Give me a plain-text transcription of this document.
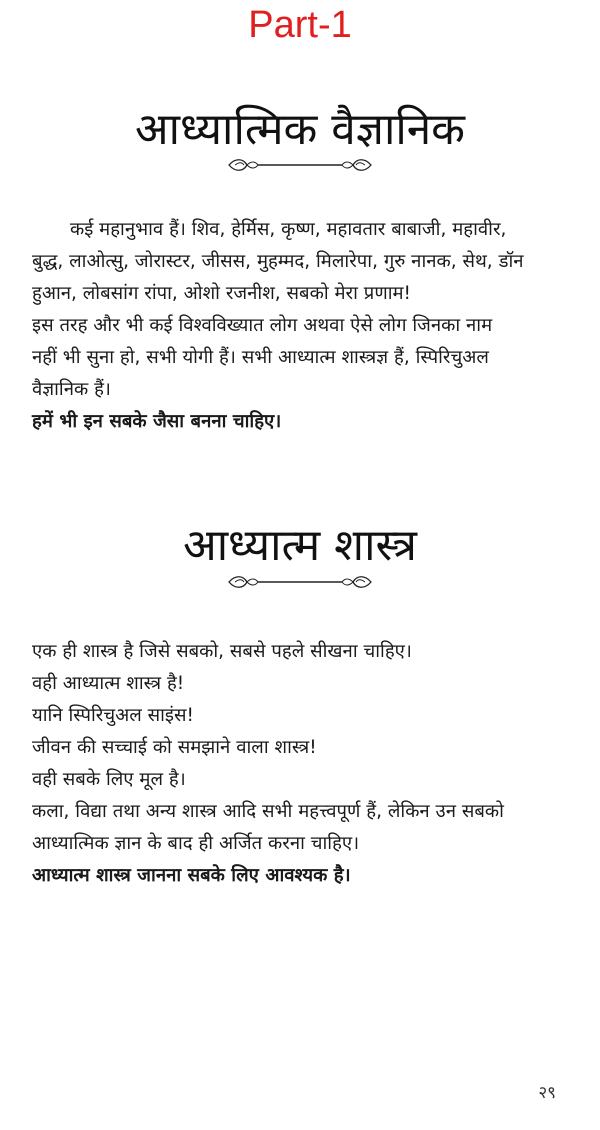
Part-1
आध्यात्मिक वैज्ञानिक
कई महानुभाव हैं। शिव, हेर्मिस, कृष्ण, महावतार बाबाजी, महावीर,
बुद्ध, लाओत्सु, जोरास्टर, जीसस, मुहम्मद, मिलारेपा, गुरु नानक, सेथ, डॉन
हुआन, लोबसांग रांपा, ओशो रजनीश, सबको मेरा प्रणाम!
इस तरह और भी कई विश्वविख्यात लोग अथवा ऐसे लोग जिनका नाम
नहीं भी सुना हो, सभी योगी हैं। सभी आध्यात्म शास्त्रज्ञ हैं, स्पिरिचुअल
वैज्ञानिक हैं।
हमें भी इन सबके जैसा बनना चाहिए।
आध्यात्म शास्त्र
एक ही शास्त्र है जिसे सबको, सबसे पहले सीखना चाहिए।
वही आध्यात्म शास्त्र है!
यानि स्पिरिचुअल साइंस!
जीवन की सच्चाई को समझाने वाला शास्त्र!
वही सबके लिए मूल है।
कला, विद्या तथा अन्य शास्त्र आदि सभी महत्त्वपूर्ण हैं, लेकिन उन सबको
आध्यात्मिक ज्ञान के बाद ही अर्जित करना चाहिए।
आध्यात्म शास्त्र जानना सबके लिए आवश्यक है।
२९
